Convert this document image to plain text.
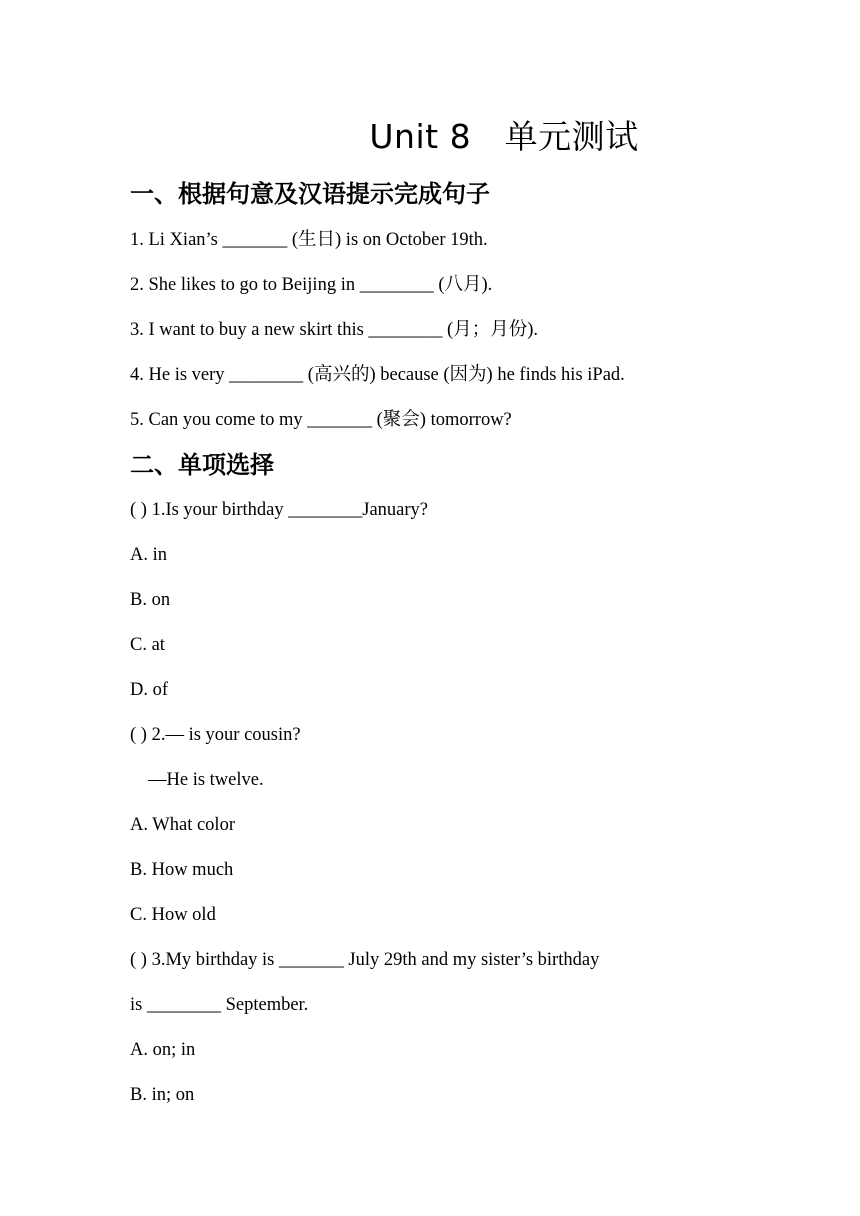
Unit 8　单元测试
一、根据句意及汉语提示完成句子

1. Li Xian’s _______ (生日) is on October 19th.

2. She likes to go to Beijing in ________ (八月).

3. I want to buy a new skirt this ________ (月；月份).

4. He is very ________ (高兴的) because (因为) he finds his iPad.

5. Can you come to my _______ (聚会) tomorrow?

二、单项选择

( ) 1.Is your birthday ________January?

A. in

B. on

C. at

D. of

( ) 2.― is your cousin?

―He is twelve.

A. What color

B. How much

C. How old

( ) 3.My birthday is _______ July 29th and my sister’s birthday

is ________ September.

A. on; in

B. in; on
